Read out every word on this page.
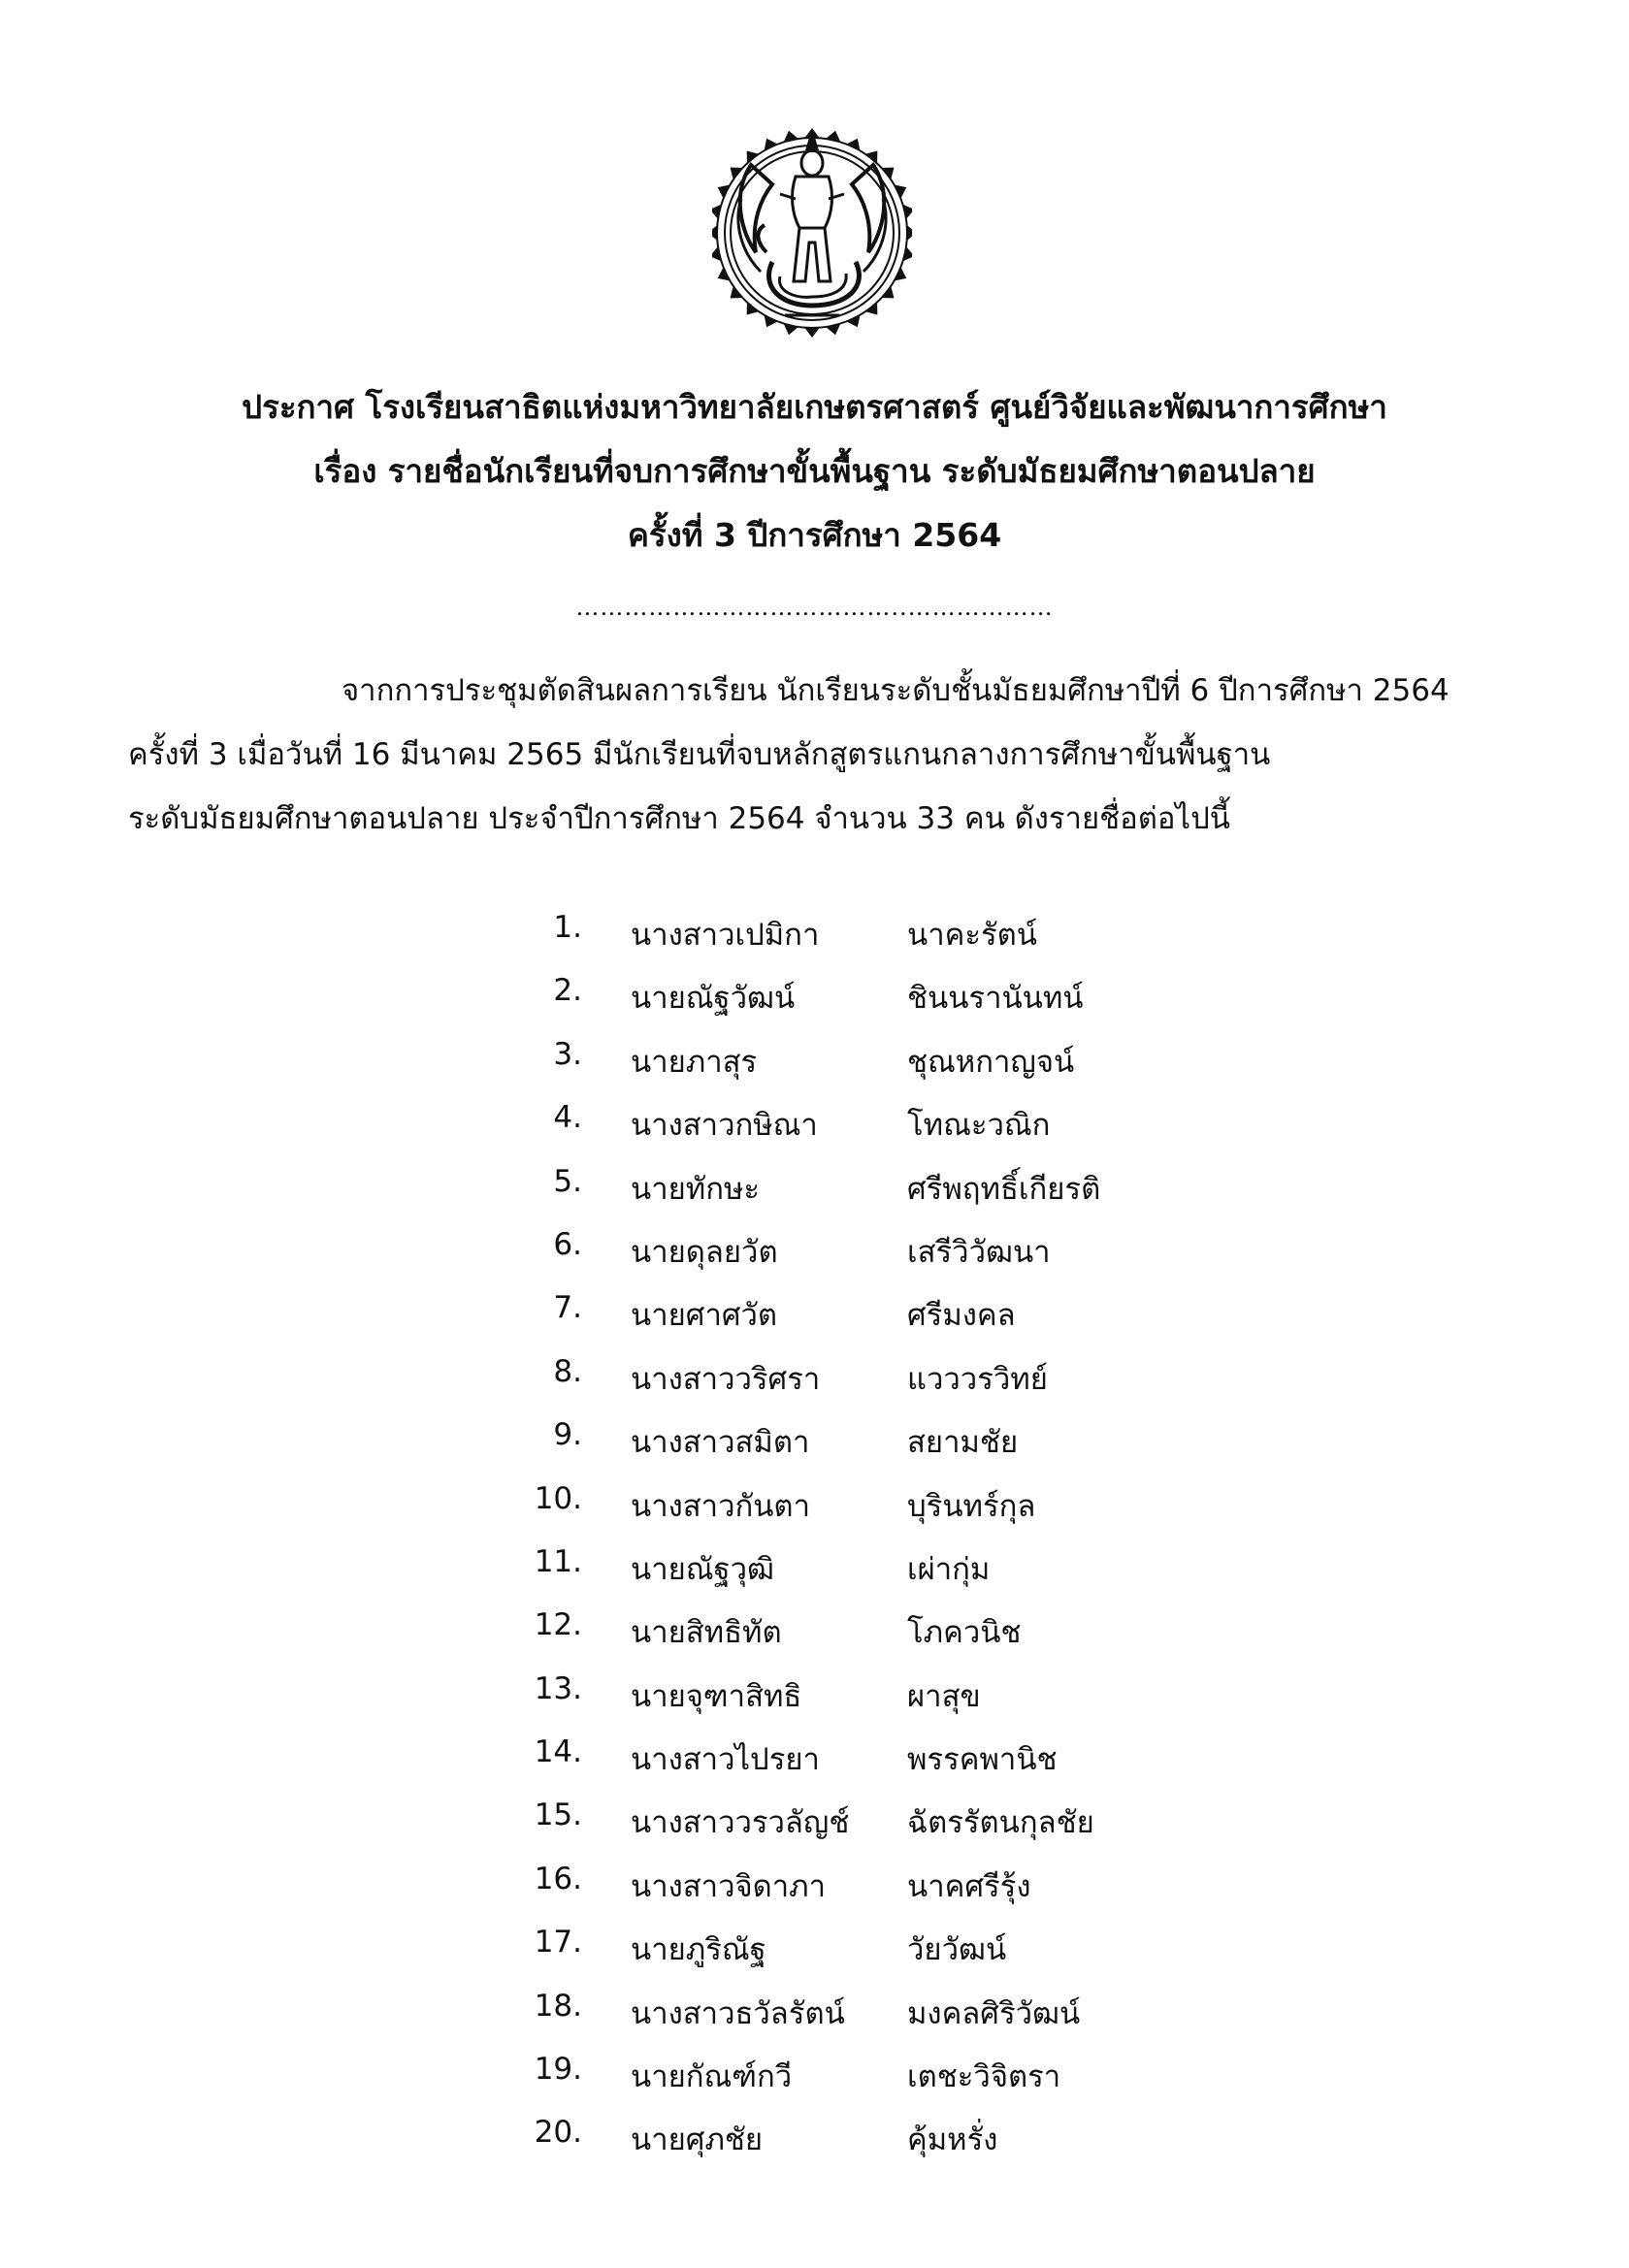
ประกาศ โรงเรียนสาธิตแห่งมหาวิทยาลัยเกษตรศาสตร์ ศูนย์วิจัยและพัฒนาการศึกษา
เรื่อง รายชื่อนักเรียนที่จบการศึกษาขั้นพื้นฐาน ระดับมัธยมศึกษาตอนปลาย
ครั้งที่ 3 ปีการศึกษา 2564
…………………………………..………………
จากการประชุมตัดสินผลการเรียน นักเรียนระดับชั้นมัธยมศึกษาปีที่ 6 ปีการศึกษา 2564
ครั้งที่ 3 เมื่อวันที่ 16 มีนาคม 2565 มีนักเรียนที่จบหลักสูตรแกนกลางการศึกษาขั้นพื้นฐาน
ระดับมัธยมศึกษาตอนปลาย ประจำปีการศึกษา 2564 จำนวน 33 คน ดังรายชื่อต่อไปนี้
1. นางสาวเปมิกา	นาคะรัตน์
2. นายณัฐวัฒน์	ชินนรานันทน์
3. นายภาสุร	ชุณหกาญจน์
4. นางสาวกษิณา	โทณะวณิก
5. นายทักษะ	ศรีพฤทธิ์เกียรติ
6. นายดุลยวัต	เสรีวิวัฒนา
7. นายศาศวัต	ศรีมงคล
8. นางสาววริศรา	แวววรวิทย์
9. นางสาวสมิตา	สยามชัย
10. นางสาวกันตา	บุรินทร์กุล
11. นายณัฐวุฒิ	เผ่ากุ่ม
12. นายสิทธิทัต	โภควนิช
13. นายจุฑาสิทธิ	ผาสุข
14. นางสาวไปรยา	พรรคพานิช
15. นางสาววรวลัญช์ ฉัตรรัตนกุลชัย
16. นางสาวจิดาภา	นาคศรีรุ้ง
17. นายภูริณัฐ	วัยวัฒน์
18. นางสาวธวัลรัตน์ มงคลศิริวัฒน์
19. นายกัณฑ์กวี	เตชะวิจิตรา
20. นายศุภชัย	คุ้มหรั่ง
